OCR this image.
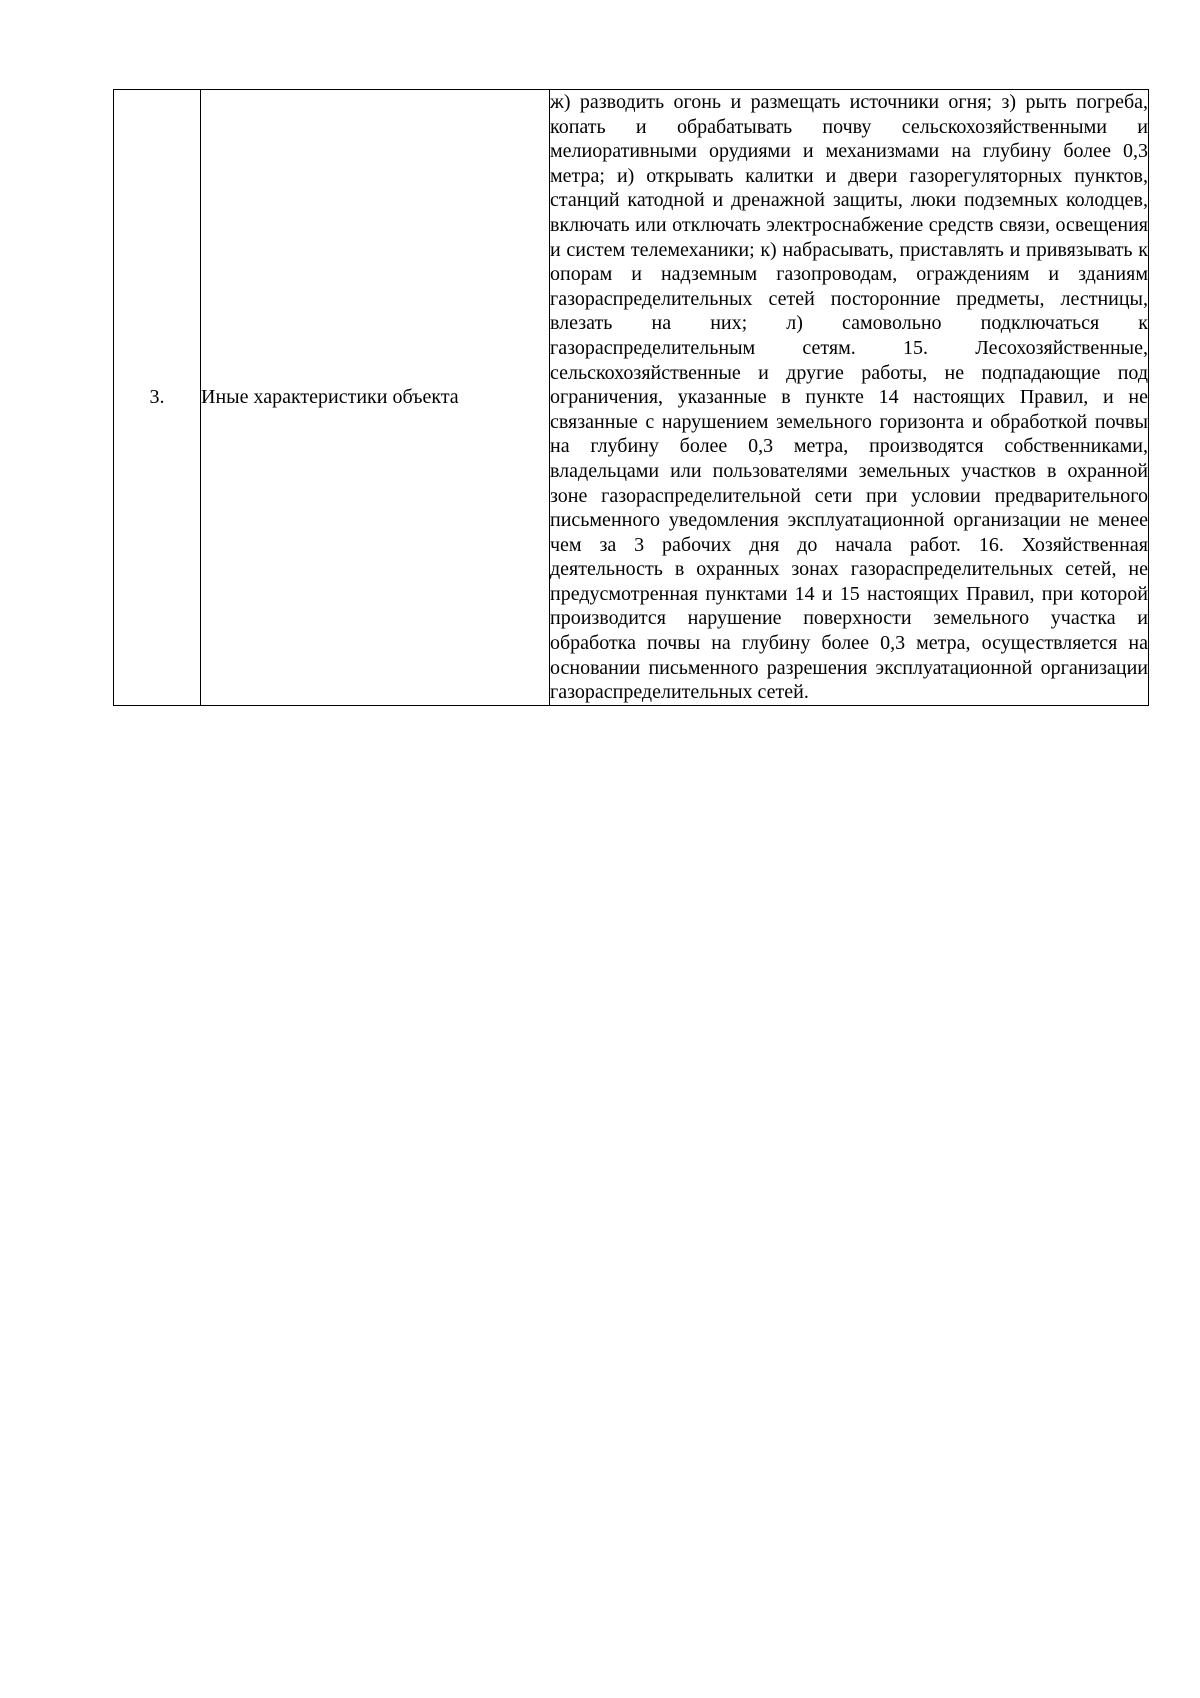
3.	Иные характеристики объекта	ж) разводить огонь и размещать источники огня; з) рыть погреба, копать и обрабатывать почву сельскохозяйственными и мелиоративными орудиями и механизмами на глубину более 0,3 метра; и) открывать калитки и двери газорегуляторных пунктов, станций катодной и дренажной защиты, люки подземных колодцев, включать или отключать электроснабжение средств связи, освещения и систем телемеханики; к) набрасывать, приставлять и привязывать к опорам и надземным газопроводам, ограждениям и зданиям газораспределительных сетей посторонние предметы, лестницы, влезать на них; л) самовольно подключаться к газораспределительным сетям. 15. Лесохозяйственные, сельскохозяйственные и другие работы, не подпадающие под ограничения, указанные в пункте 14 настоящих Правил, и не связанные с нарушением земельного горизонта и обработкой почвы на глубину более 0,3 метра, производятся собственниками, владельцами или пользователями земельных участков в охранной зоне газораспределительной сети при условии предварительного письменного уведомления эксплуатационной организации не менее чем за 3 рабочих дня до начала работ. 16. Хозяйственная деятельность в охранных зонах газораспределительных сетей, не предусмотренная пунктами 14 и 15 настоящих Правил, при которой производится нарушение поверхности земельного участка и обработка почвы на глубину более 0,3 метра, осуществляется на основании письменного разрешения эксплуатационной организации газораспределительных сетей.
